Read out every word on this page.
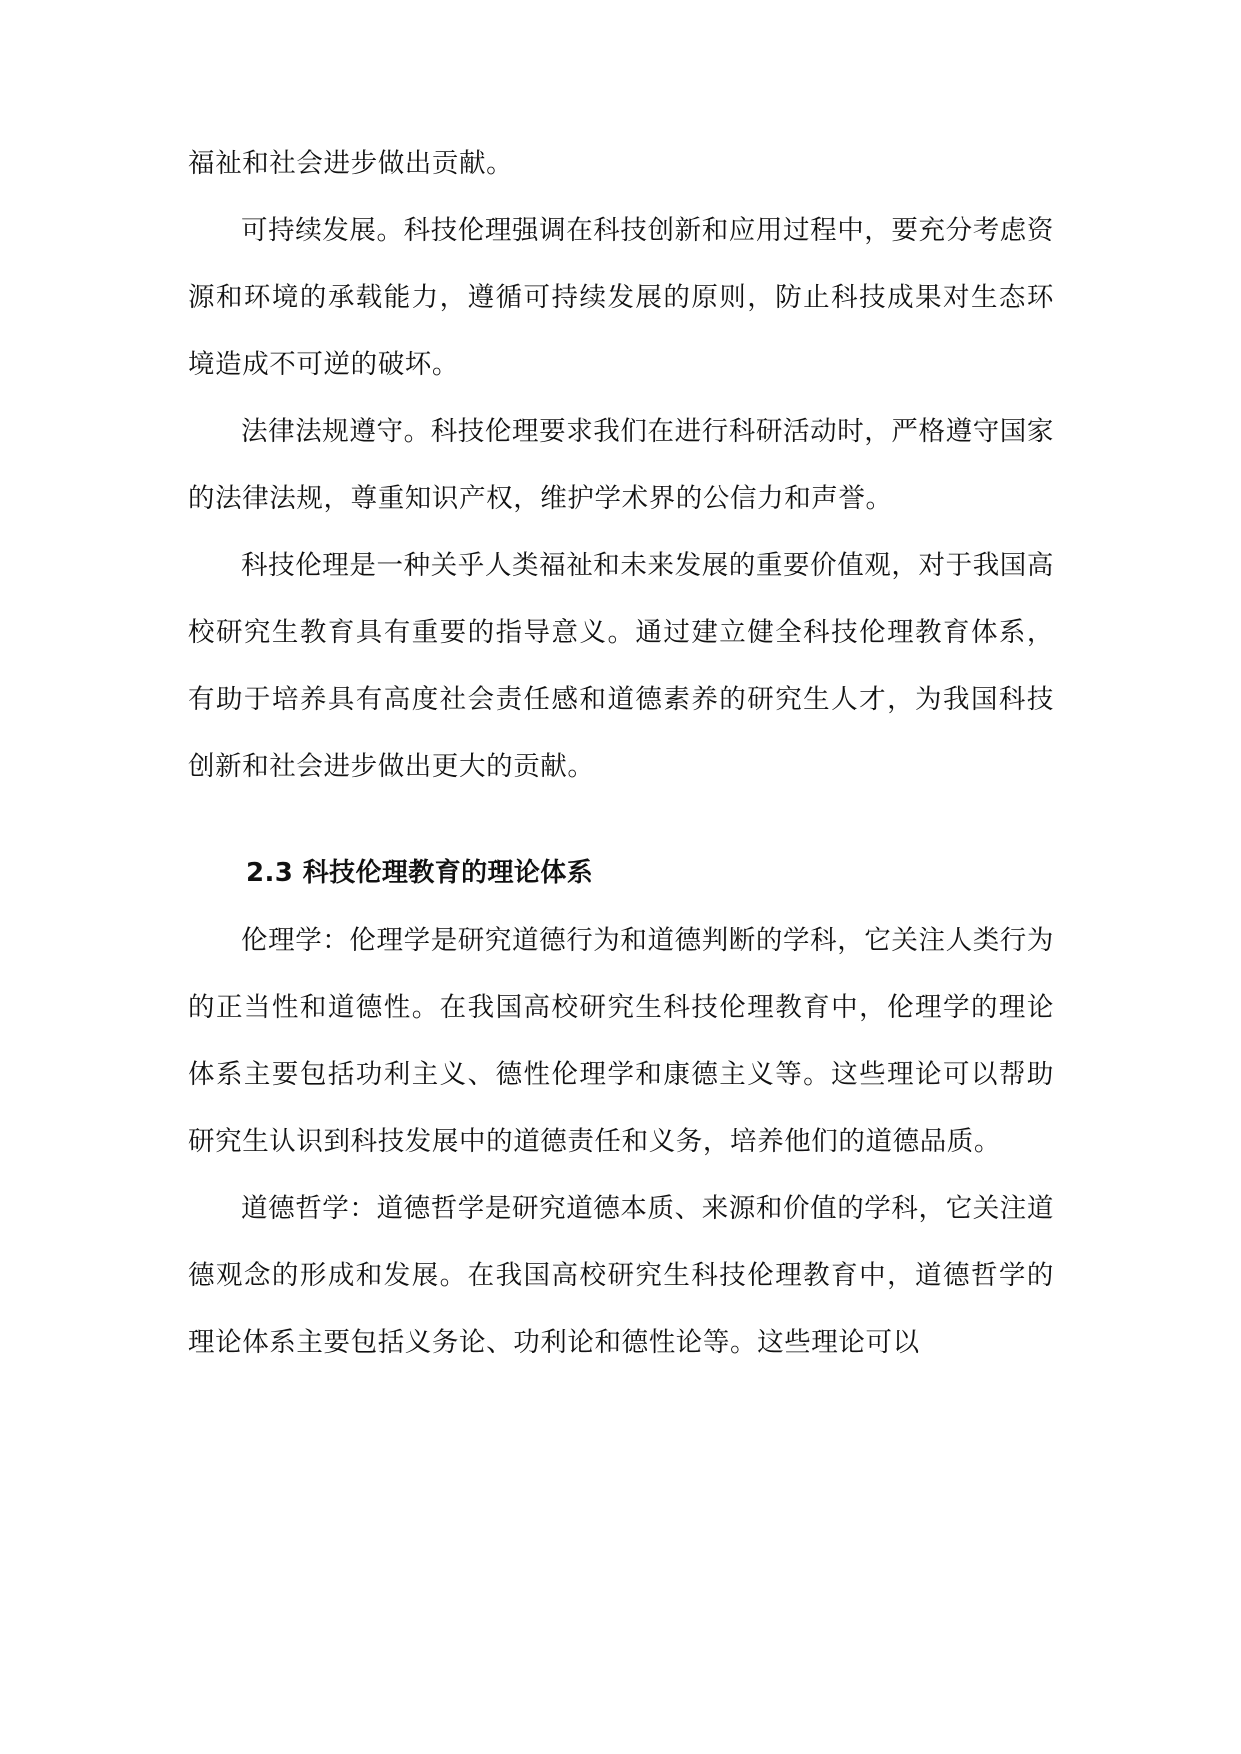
福祉和社会进步做出贡献。

可持续发展。科技伦理强调在科技创新和应用过程中，要充分考虑资源和环境的承载能力，遵循可持续发展的原则，防止科技成果对生态环境造成不可逆的破坏。

法律法规遵守。科技伦理要求我们在进行科研活动时，严格遵守国家的法律法规，尊重知识产权，维护学术界的公信力和声誉。

科技伦理是一种关乎人类福祉和未来发展的重要价值观，对于我国高校研究生教育具有重要的指导意义。通过建立健全科技伦理教育体系，有助于培养具有高度社会责任感和道德素养的研究生人才，为我国科技创新和社会进步做出更大的贡献。

2.3 科技伦理教育的理论体系

伦理学：伦理学是研究道德行为和道德判断的学科，它关注人类行为的正当性和道德性。在我国高校研究生科技伦理教育中，伦理学的理论体系主要包括功利主义、德性伦理学和康德主义等。这些理论可以帮助研究生认识到科技发展中的道德责任和义务，培养他们的道德品质。

道德哲学：道德哲学是研究道德本质、来源和价值的学科，它关注道德观念的形成和发展。在我国高校研究生科技伦理教育中，道德哲学的理论体系主要包括义务论、功利论和德性论等。这些理论可以
